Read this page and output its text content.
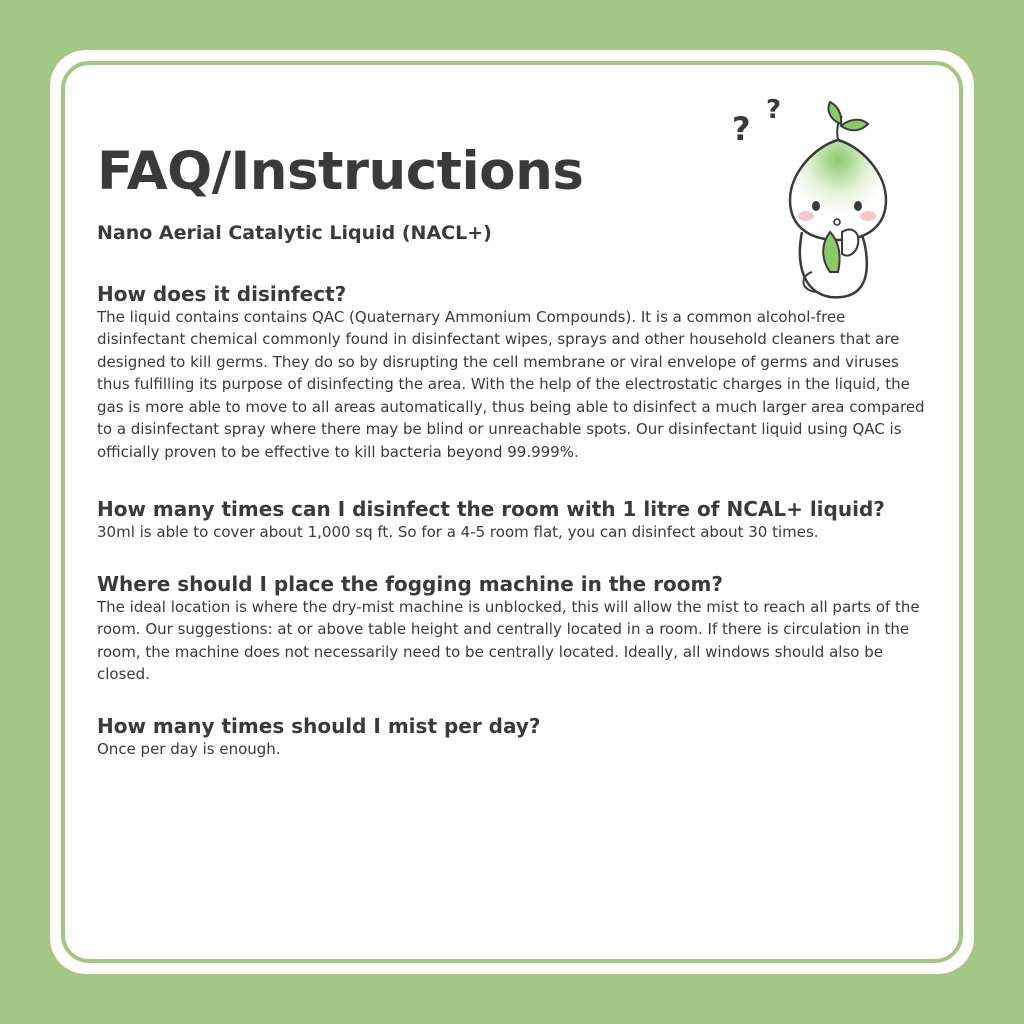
FAQ/Instructions
Nano Aerial Catalytic Liquid (NACL+)
How does it disinfect?
The liquid contains contains QAC (Quaternary Ammonium Compounds). It is a common alcohol-free disinfectant chemical commonly found in disinfectant wipes, sprays and other household cleaners that are designed to kill germs. They do so by disrupting the cell membrane or viral envelope of germs and viruses thus fulfilling its purpose of disinfecting the area. With the help of the electrostatic charges in the liquid, the gas is more able to move to all areas automatically, thus being able to disinfect a much larger area compared to a disinfectant spray where there may be blind or unreachable spots. Our disinfectant liquid using QAC is officially proven to be effective to kill bacteria beyond 99.999%.
How many times can I disinfect the room with 1 litre of NCAL+ liquid?
30ml is able to cover about 1,000 sq ft. So for a 4-5 room flat, you can disinfect about 30 times.
Where should I place the fogging machine in the room?
The ideal location is where the dry-mist machine is unblocked, this will allow the mist to reach all parts of the room. Our suggestions: at or above table height and centrally located in a room. If there is circulation in the room, the machine does not necessarily need to be centrally located. Ideally, all windows should also be closed.
How many times should I mist per day?
Once per day is enough.
? ?
